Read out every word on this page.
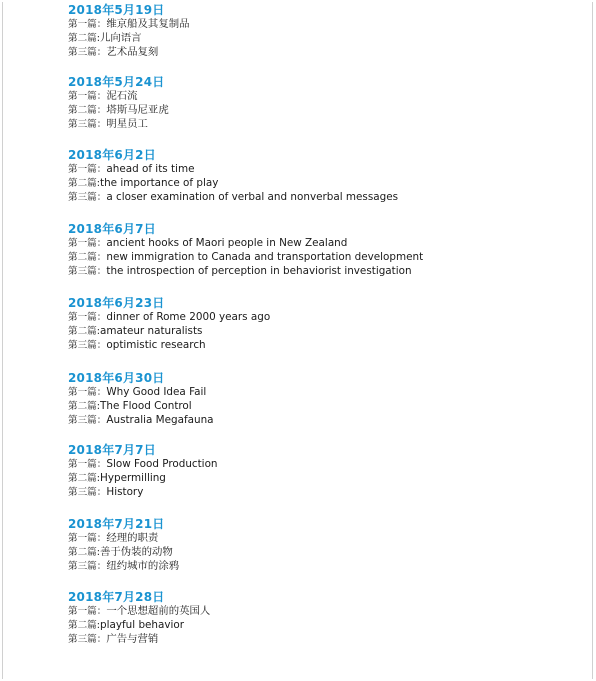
2018年5月19日
第一篇：维京船及其复制品
第二篇:儿向语言
第三篇：艺术品复刻
2018年5月24日
第一篇：泥石流
第二篇：塔斯马尼亚虎
第三篇：明星员工
2018年6月2日
第一篇：ahead of its time
第二篇:the importance of play
第三篇：a closer examination of verbal and nonverbal messages
2018年6月7日
第一篇：ancient hooks of Maori people in New Zealand
第二篇：new immigration to Canada and transportation development
第三篇：the introspection of perception in behaviorist investigation
2018年6月23日
第一篇：dinner of Rome 2000 years ago
第二篇:amateur naturalists
第三篇：optimistic research
2018年6月30日
第一篇：Why Good Idea Fail
第二篇:The Flood Control
第三篇：Australia Megafauna
2018年7月7日
第一篇：Slow Food Production
第二篇:Hypermilling
第三篇：History
2018年7月21日
第一篇：经理的职责
第二篇:善于伪装的动物
第三篇：纽约城市的涂鸦
2018年7月28日
第一篇：一个思想超前的英国人
第二篇:playful behavior
第三篇：广告与营销
